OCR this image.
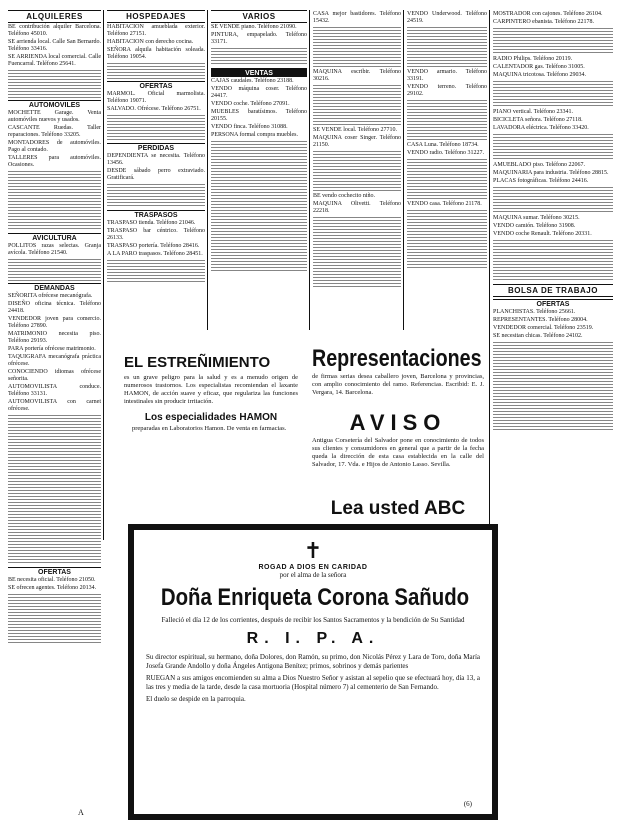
ALQUILERES
BE contribución alquiler Barcelona. Teléfono 45010.
SE arrienda local. Calle San Bernardo. Teléfono 33416.
SE ARRIENDA local comercial. Calle Fuencarral. Teléfono 25641.
AUTOMOVILES
MOCHETTE Garage. Venta automóviles nuevos y usados.
CASCANTE Ruedas. Taller reparaciones. Teléfono 33205.
MONTADORES de automóviles. Pago al contado.
TALLERES para automóviles. Ocasiones.
AVICULTURA
POLLITOS razas selectas. Granja avícola. Teléfono 21540.
DEMANDAS
SEÑORITA ofrécese mecanógrafa.
DISEÑO oficina técnica. Teléfono 24418.
VENDEDOR joven para comercio. Teléfono 27890.
MATRIMONIO necesita piso. Teléfono 29193.
PARA portería ofrécese matrimonio.
TAQUIGRAFA mecanógrafa práctica ofrécese.
CONOCIENDO idiomas ofrécese señorita.
AUTOMOVILISTA conduce. Teléfono 33131.
AUTOMOVILISTA con carnet ofrécese.
OFERTAS
BE necesita oficial. Teléfono 21050.
SE ofrecen agentes. Teléfono 20134.
HOSPEDAJES
HABITACION amueblada exterior. Teléfono 27151.
HABITACION con derecho cocina.
SEÑORA alquila habitación soleada. Teléfono 19054.
OFERTAS
MARMOL. Oficial marmolista. Teléfono 19071.
SALVADO. Ofrécese. Teléfono 26751.
PERDIDAS
DEPENDIENTA se necesita. Teléfono 13456.
DESDE sábado perro extraviado. Gratificará.
TRASPASOS
TRASPASO tienda. Teléfono 21046.
TRASPASO bar céntrico. Teléfono 26133.
TRASPASO portería. Teléfono 28416.
A LA PARO traspasos. Teléfono 28451.
VARIOS
SE VENDE piano. Teléfono 21090.
PINTURA, empapelado. Teléfono 33171.
VENTAS
CAJAS caudales. Teléfono 23188.
VENDO máquina coser. Teléfono 24417.
VENDO coche. Teléfono 27091.
MUEBLES baratísimos. Teléfono 20155.
VENDO finca. Teléfono 31088.
PERSONA formal compra muebles.
CASA mejor bastidores. Teléfono 15432.
MAQUINA escribir. Teléfono 30216.
SE VENDE local. Teléfono 27710.
MAQUINA coser Singer. Teléfono 21150.
BE vendo cochecito niño.
MAQUINA Olivetti. Teléfono 22218.
VENDO Underwood. Teléfono 24519.
VENDO armario. Teléfono 33191.
VENDO terreno. Teléfono 29102.
CASA Luna. Teléfono 18734.
VENDO radio. Teléfono 31227.
VENDO casa. Teléfono 21178.
MOSTRADOR con cajones. Teléfono 26104.
CARPINTERO ebanista. Teléfono 22178.
RADIO Philips. Teléfono 20119.
CALENTADOR gas. Teléfono 31005.
MAQUINA tricotosa. Teléfono 29034.
PIANO vertical. Teléfono 23341.
BICICLETA señora. Teléfono 27118.
LAVADORA eléctrica. Teléfono 33420.
AMUEBLADO piso. Teléfono 22067.
MAQUINARIA para industria. Teléfono 28815.
PLACAS fotográficas. Teléfono 24416.
MAQUINA sumar. Teléfono 30215.
VENDO camión. Teléfono 31908.
VENDO coche Renault. Teléfono 20331.
BOLSA DE TRABAJO
OFERTAS
PLANCHISTAS. Teléfono 25661.
REPRESENTANTES. Teléfono 28004.
VENDEDOR comercial. Teléfono 23519.
SE necesitan chicas. Teléfono 24102.
EL ESTREÑIMIENTO
es un grave peligro para la salud y es a menudo origen de numerosos trastornos. Los especialistas recomiendan el laxante HAMON, de acción suave y eficaz, que regulariza las funciones intestinales sin producir irritación.
Los especialidades HAMON
preparadas en Laboratorios Hamon. De venta en farmacias.
Representaciones
de firmas serias desea caballero joven, Barcelona y provincias, con amplio conocimiento del ramo. Referencias. Escribid: E. J. Vergara, 14. Barcelona.
AVISO
Antigua Corsetería del Salvador pone en conocimiento de todos sus clientes y consumidores en general que a partir de la fecha queda la dirección de esta casa establecida en la calle del Salvador, 17. Vda. e Hijos de Antonio Lasso. Sevilla.
Lea usted ABC
✝
ROGAD A DIOS EN CARIDAD
por el alma de la señora
Doña Enriqueta Corona Sañudo
Falleció el día 12 de los corrientes, después de recibir los Santos Sacramentos y la bendición de Su Santidad
R. I. P. A.
Su director espiritual, su hermano, doña Dolores, don Ramón, su primo, don Nicolás Pérez y Lara de Toro, doña María Josefa Grande Andollo y doña Ángeles Antigona Benítez; primos, sobrinos y demás parientes
RUEGAN a sus amigos encomienden su alma a Dios Nuestro Señor y asistan al sepelio que se efectuará hoy, día 13, a las tres y media de la tarde, desde la casa mortuoria (Hospital número 7) al cementerio de San Fernando.
El duelo se despide en la parroquia.
(6)
A
